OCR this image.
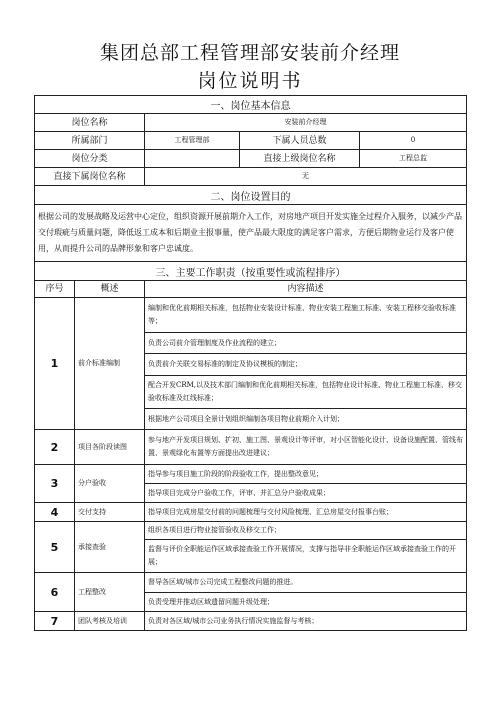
集团总部工程管理部安装前介经理
岗位说明书
一、岗位基本信息				
岗位名称		安装前介经理		
所属部门		工程管理部	下属人员总数	0
岗位分类			直接上级岗位名称	工程总监
直接下属岗位名称		无		
二、岗位设置目的				
根据公司的发展战略及运营中心定位，组织资源开展前期介入工作，对房地产项目开发实施全过程介入服务，以减少产品交付瑕疵与质量问题，降低返工成本和后期业主报事量，使产品最大限度的满足客户需求，方便后期物业运行及客户使用，从而提升公司的品牌形象和客户忠诚度。				
三、主要工作职责（按重要性或流程排序）				
序号	概述	内容描述		
1	前介标准编制	编制和优化前期相关标准，包括物业安装设计标准、物业安装工程施工标准、安装工程移交验收标准等；		
		负责公司前介管理制度及作业流程的建立；		
		负责前介关联交易标准的制定及协议模板的制定；		
		配合开发CRM,以及技术部门编制和优化前期相关标准，包括物业设计标准、物业工程施工标准、移交验收标准及红线标准；		
		根据地产公司项目全景计划组织编制各项目物业前期介入计划；		
2	项目各阶段读图	参与地产开发项目规划、扩初、施工图、景观设计等评审，对小区智能化设计、设备设施配置、管线布置、景观绿化布置等方面提出改进建议；		
3	分户验收	指导参与项目施工阶段的阶段验收工作，提出整改意见；		
		指导项目完成分户验收工作，评审、并汇总分户验收成果；		
4	交付支持	指导项目完成房屋交付前的问题梳理与交付风险梳理、汇总房屋交付报事台账；		
5	承接查验	组织各项目进行物业接管验收及移交工作；		
		监督与评价全职能运作区域承接查验工作开展情况，支撑与指导非全职能运作区域承接查验工作的开展；		
6	工程整改	督导各区域/城市公司完成工程整改问题的推进。		
		负责受理并推动区域遗留问题升级处理；		
7	团队考核及培训	负责对各区域/城市公司业务执行情况实施监督与考核；		
